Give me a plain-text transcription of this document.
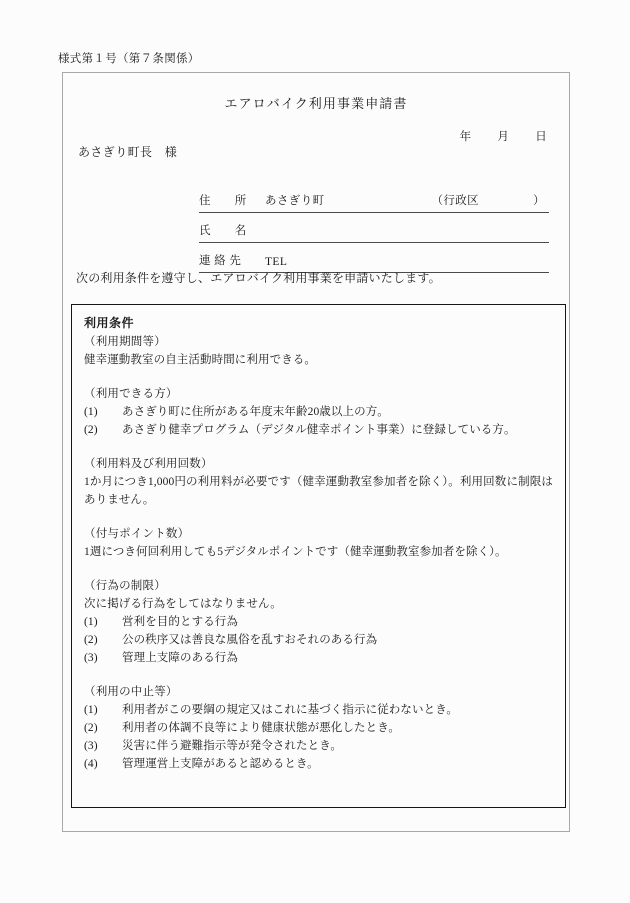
様式第１号（第７条関係）
エアロバイク利用事業申請書
年 月 日
あさぎり町長　様
住　　所 あさぎり町	（行政区	）
氏　　名
連 絡 先 TEL
次の利用条件を遵守し、エアロバイク利用事業を申請いたします。
利用条件
（利用期間等）
健幸運動教室の自主活動時間に利用できる。
（利用できる方）
(1) あさぎり町に住所がある年度末年齢20歳以上の方。
(2) あさぎり健幸プログラム（デジタル健幸ポイント事業）に登録している方。
（利用料及び利用回数）
1か月につき1,000円の利用料が必要です（健幸運動教室参加者を除く）。利用回数に制限はありません。
（付与ポイント数）
1週につき何回利用しても5デジタルポイントです（健幸運動教室参加者を除く）。
（行為の制限）
次に掲げる行為をしてはなりません。
(1) 営利を目的とする行為
(2) 公の秩序又は善良な風俗を乱すおそれのある行為
(3) 管理上支障のある行為
（利用の中止等）
(1) 利用者がこの要綱の規定又はこれに基づく指示に従わないとき。
(2) 利用者の体調不良等により健康状態が悪化したとき。
(3) 災害に伴う避難指示等が発令されたとき。
(4) 管理運営上支障があると認めるとき。
